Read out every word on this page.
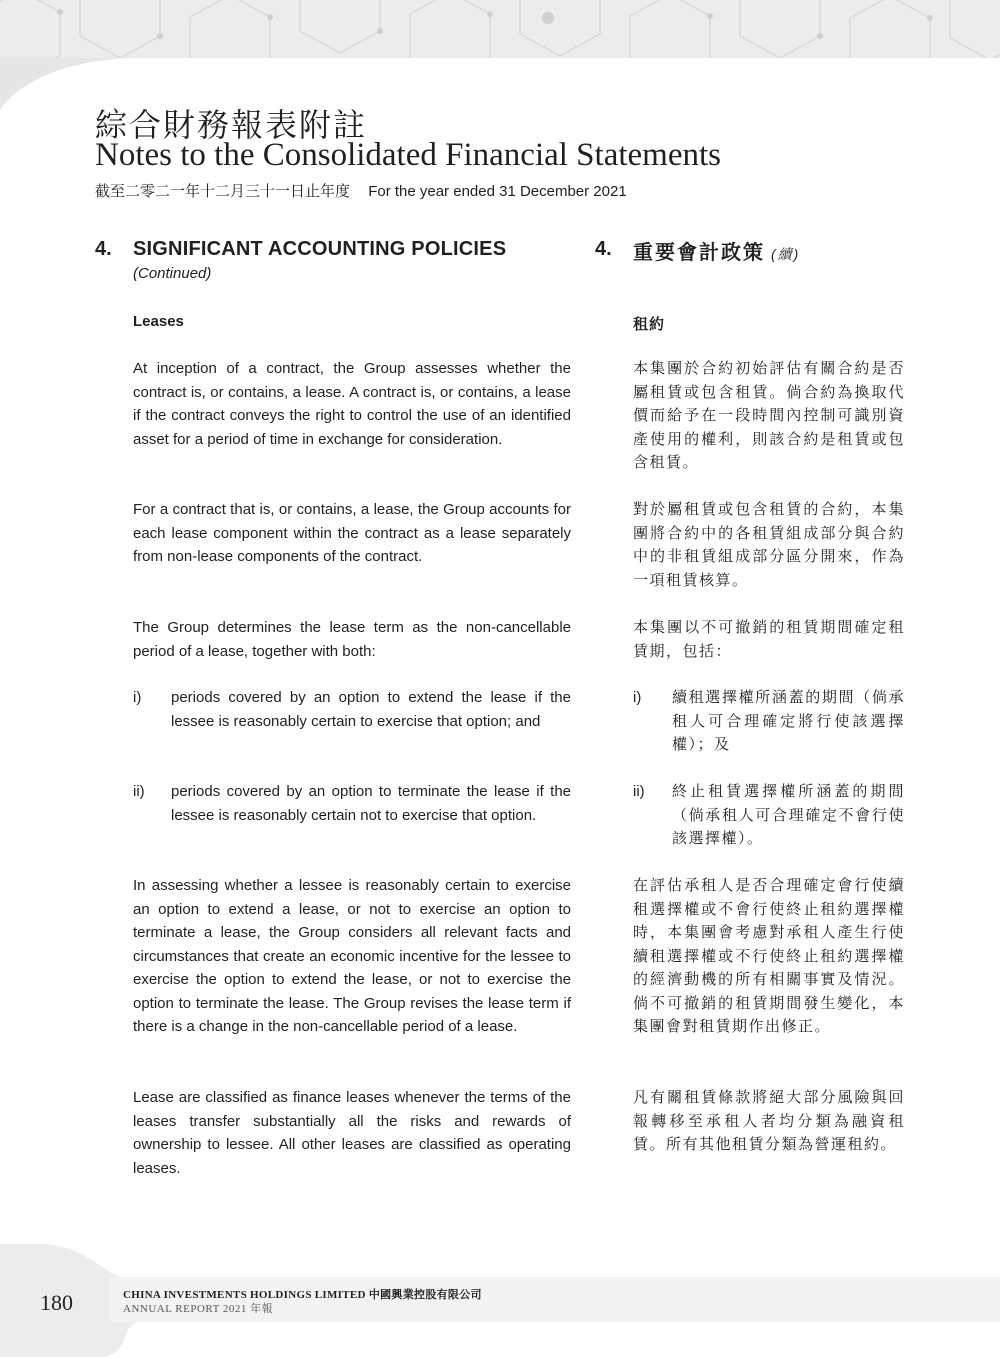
綜合財務報表附註
Notes to the Consolidated Financial Statements
截至二零二一年十二月三十一日止年度 For the year ended 31 December 2021
4. SIGNIFICANT ACCOUNTING POLICIES
(Continued)
Leases

At inception of a contract, the Group assesses whether the contract is, or contains, a lease. A contract is, or contains, a lease if the contract conveys the right to control the use of an identified asset for a period of time in exchange for consideration.

For a contract that is, or contains, a lease, the Group accounts for each lease component within the contract as a lease separately from non-lease components of the contract.

The Group determines the lease term as the non-cancellable period of a lease, together with both:

i) periods covered by an option to extend the lease if the lessee is reasonably certain to exercise that option; and
ii) periods covered by an option to terminate the lease if the lessee is reasonably certain not to exercise that option.

In assessing whether a lessee is reasonably certain to exercise an option to extend a lease, or not to exercise an option to terminate a lease, the Group considers all relevant facts and circumstances that create an economic incentive for the lessee to exercise the option to extend the lease, or not to exercise the option to terminate the lease. The Group revises the lease term if there is a change in the non-cancellable period of a lease.

Lease are classified as finance leases whenever the terms of the leases transfer substantially all the risks and rewards of ownership to lessee. All other leases are classified as operating leases.

4. 重要會計政策 (續)
租約

本集團於合約初始評估有關合約是否屬租賃或包含租賃。倘合約為換取代價而給予在一段時間內控制可識別資產使用的權利，則該合約是租賃或包含租賃。

對於屬租賃或包含租賃的合約，本集團將合約中的各租賃組成部分與合約中的非租賃組成部分區分開來，作為一項租賃核算。

本集團以不可撤銷的租賃期間確定租賃期，包括：

i) 續租選擇權所涵蓋的期間（倘承租人可合理確定將行使該選擇權）；及
ii) 終止租賃選擇權所涵蓋的期間（倘承租人可合理確定不會行使該選擇權）。

在評估承租人是否合理確定會行使續租選擇權或不會行使終止租約選擇權時，本集團會考慮對承租人產生行使續租選擇權或不行使終止租約選擇權的經濟動機的所有相關事實及情況。倘不可撤銷的租賃期間發生變化，本集團會對租賃期作出修正。

凡有關租賃條款將絕大部分風險與回報轉移至承租人者均分類為融資租賃。所有其他租賃分類為營運租約。

180	CHINA INVESTMENTS HOLDINGS LIMITED 中國興業控股有限公司
ANNUAL REPORT 2021 年報
